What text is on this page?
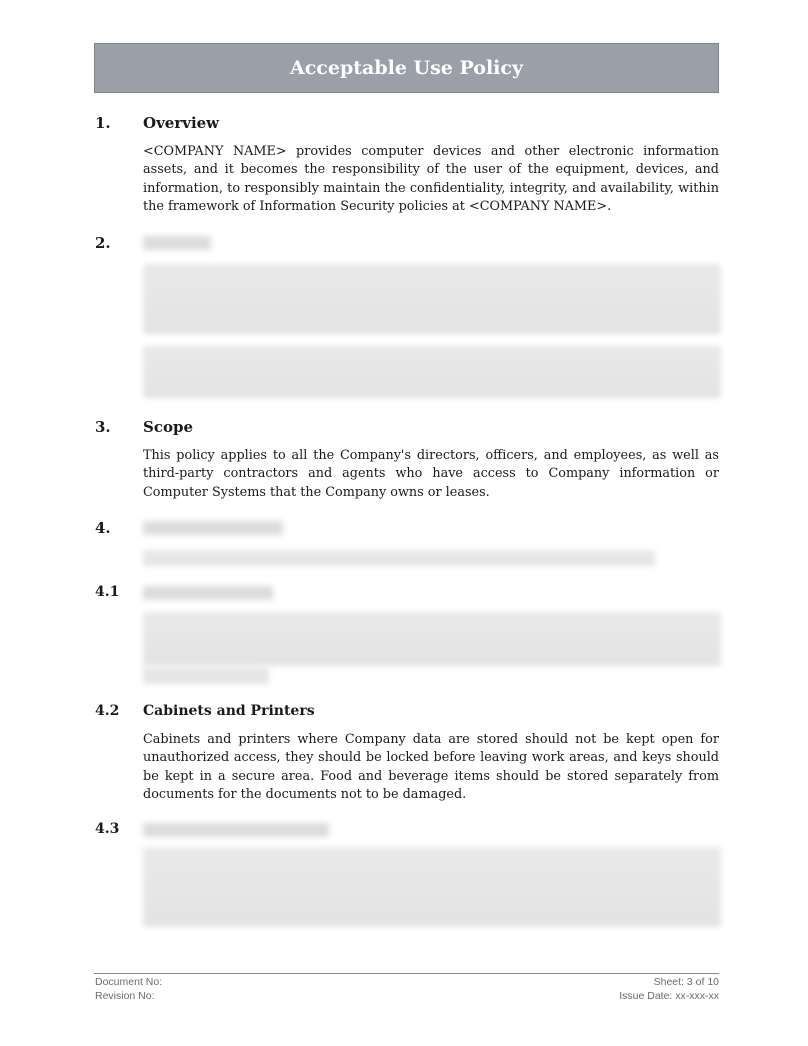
Acceptable Use Policy
1. Overview
<COMPANY NAME> provides computer devices and other electronic information assets, and it becomes the responsibility of the user of the equipment, devices, and information, to responsibly maintain the confidentiality, integrity, and availability, within the framework of Information Security policies at <COMPANY NAME>.
2.
3. Scope
This policy applies to all the Company's directors, officers, and employees, as well as third-party contractors and agents who have access to Company information or Computer Systems that the Company owns or leases.
4.
4.1
4.2 Cabinets and Printers
Cabinets and printers where Company data are stored should not be kept open for unauthorized access, they should be locked before leaving work areas, and keys should be kept in a secure area. Food and beverage items should be stored separately from documents for the documents not to be damaged.
4.3
Document No:
Revision No:
Sheet: 3 of 10
Issue Date: xx-xxx-xx
